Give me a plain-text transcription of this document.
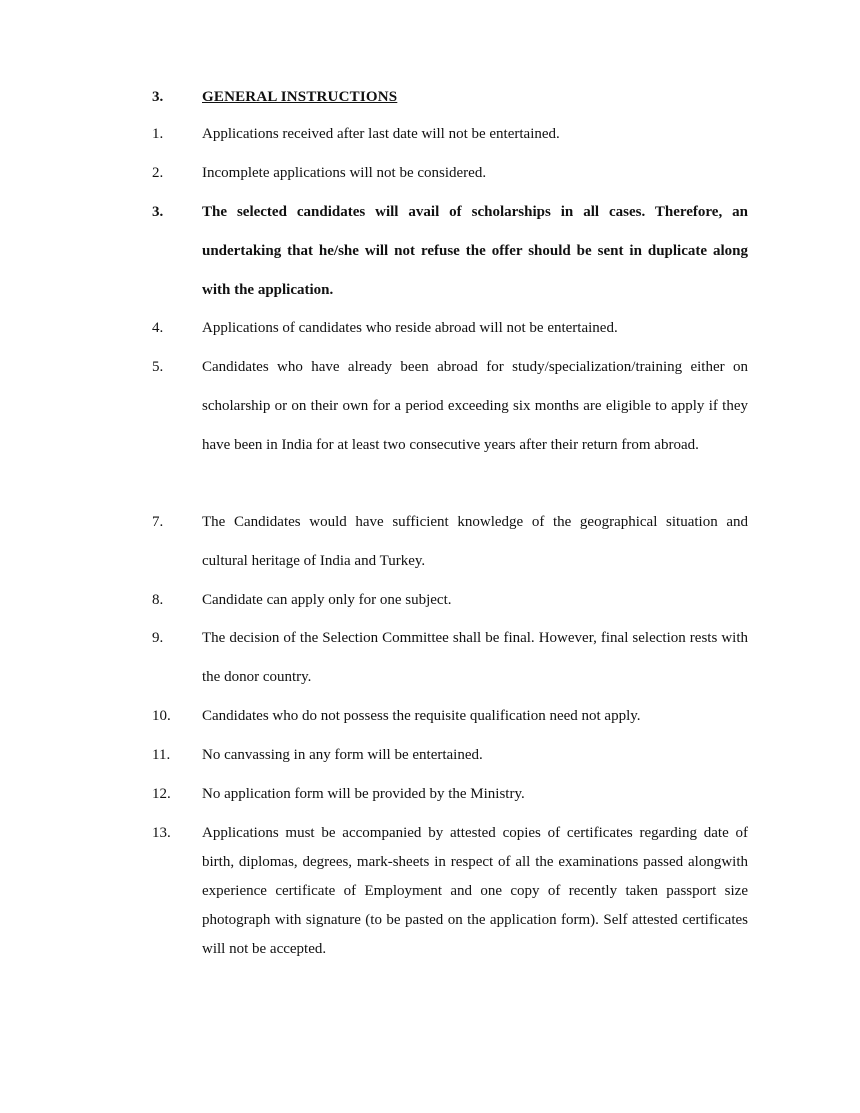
3.	GENERAL INSTRUCTIONS
1.	Applications received after last date will not be entertained.
2.	Incomplete applications will not be considered.
3.	The selected candidates will avail of scholarships in all cases. Therefore, an undertaking that he/she will not refuse the offer should be sent in duplicate along with the application.
4.	Applications of candidates who reside abroad will not be entertained.
5.	Candidates who have already been abroad for study/specialization/training either on scholarship or on their own for a period exceeding six months are eligible to apply if they have been in India for at least two consecutive years after their return from abroad.
7.	The Candidates would have sufficient knowledge of the geographical situation and cultural heritage of India and Turkey.
8.	Candidate can apply only for one subject.
9.	The decision of the Selection Committee shall be final. However, final selection rests with the donor country.
10.	Candidates who do not possess the requisite qualification need not apply.
11.	No canvassing in any form will be entertained.
12.	No application form will be provided by the Ministry.
13.	Applications must be accompanied by attested copies of certificates regarding date of birth, diplomas, degrees, mark-sheets in respect of all the examinations passed alongwith experience certificate of Employment and one copy of recently taken passport size photograph with signature (to be pasted on the application form). Self attested certificates will not be accepted.
